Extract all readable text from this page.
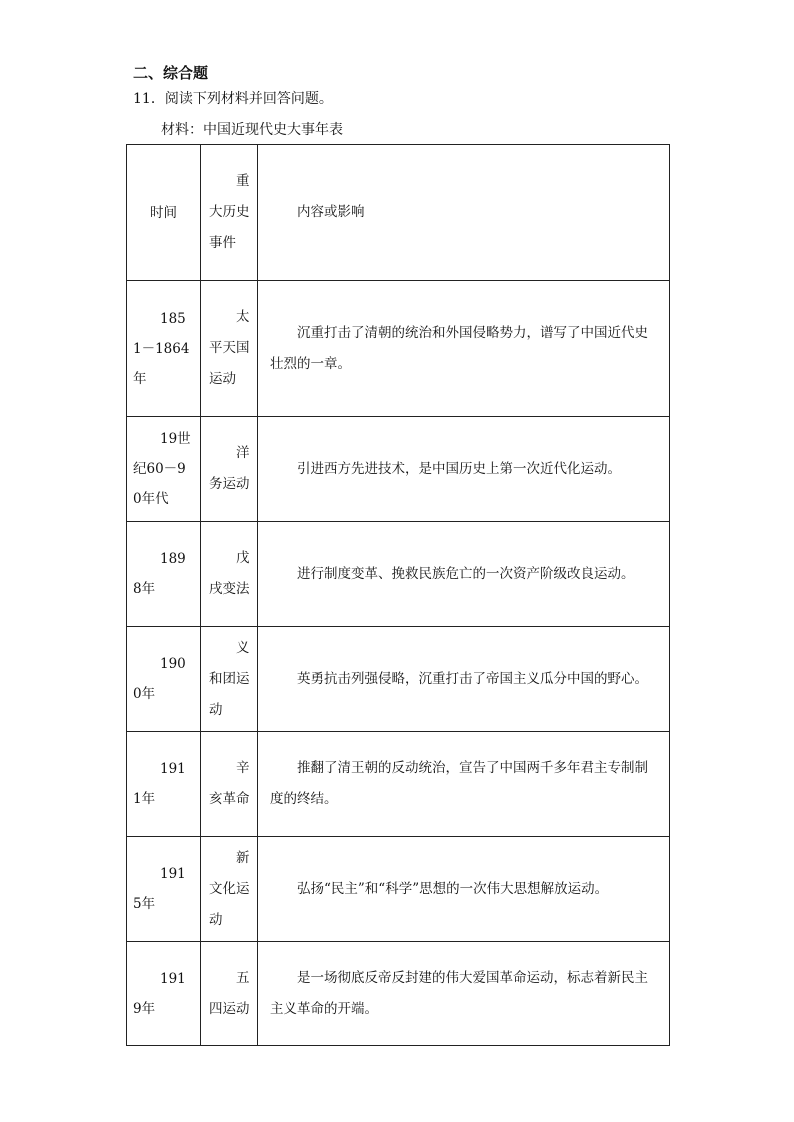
二、综合题
11．阅读下列材料并回答问题。
材料：中国近现代史大事年表
时间	重大历史事件	内容或影响

1851－1864年	太平天国运动	沉重打击了清朝的统治和外国侵略势力，谱写了中国近代史壮烈的一章。

19世纪60－90年代	洋务运动	引进西方先进技术，是中国历史上第一次近代化运动。

1898年	戊戌变法	进行制度变革、挽救民族危亡的一次资产阶级改良运动。

1900年	义和团运动	英勇抗击列强侵略，沉重打击了帝国主义瓜分中国的野心。

1911年	辛亥革命	推翻了清王朝的反动统治，宣告了中国两千多年君主专制制度的终结。

1915年	新文化运动	弘扬“民主”和“科学”思想的一次伟大思想解放运动。

1919年	五四运动	是一场彻底反帝反封建的伟大爱国革命运动，标志着新民主主义革命的开端。
